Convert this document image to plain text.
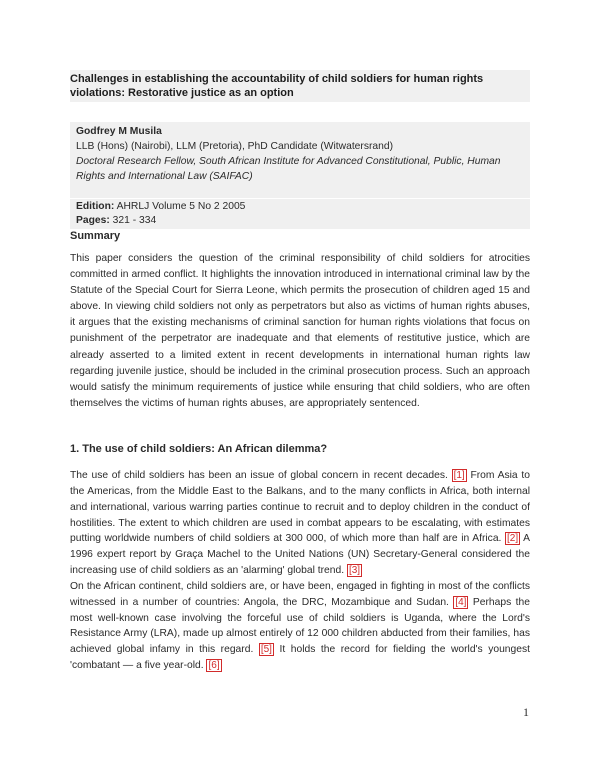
Challenges in establishing the accountability of child soldiers for human rights violations: Restorative justice as an option

Godfrey M Musila
LLB (Hons) (Nairobi), LLM (Pretoria), PhD Candidate (Witwatersrand)
Doctoral Research Fellow, South African Institute for Advanced Constitutional, Public, Human Rights and International Law (SAIFAC)
Edition: AHRLJ Volume 5 No 2 2005
Pages: 321 - 334
Summary

This paper considers the question of the criminal responsibility of child soldiers for atrocities committed in armed conflict. It highlights the innovation introduced in international criminal law by the Statute of the Special Court for Sierra Leone, which permits the prosecution of children aged 15 and above. In viewing child soldiers not only as perpetrators but also as victims of human rights abuses, it argues that the existing mechanisms of criminal sanction for human rights violations that focus on punishment of the perpetrator are inadequate and that elements of restitutive justice, which are already asserted to a limited extent in recent developments in international human rights law regarding juvenile justice, should be included in the criminal prosecution process. Such an approach would satisfy the minimum requirements of justice while ensuring that child soldiers, who are often themselves the victims of human rights abuses, are appropriately sentenced.

1. The use of child soldiers: An African dilemma?

The use of child soldiers has been an issue of global concern in recent decades. [1] From Asia to the Americas, from the Middle East to the Balkans, and to the many conflicts in Africa, both internal and international, various warring parties continue to recruit and to deploy children in the conduct of hostilities. The extent to which children are used in combat appears to be escalating, with estimates putting worldwide numbers of child soldiers at 300 000, of which more than half are in Africa. [2] A 1996 expert report by Graça Machel to the United Nations (UN) Secretary-General considered the increasing use of child soldiers as an 'alarming' global trend. [3]

On the African continent, child soldiers are, or have been, engaged in fighting in most of the conflicts witnessed in a number of countries: Angola, the DRC, Mozambique and Sudan. [4] Perhaps the most well-known case involving the forceful use of child soldiers is Uganda, where the Lord's Resistance Army (LRA), made up almost entirely of 12 000 children abducted from their families, has achieved global infamy in this regard. [5] It holds the record for fielding the world's youngest 'combatant — a five year-old. [6]

1
